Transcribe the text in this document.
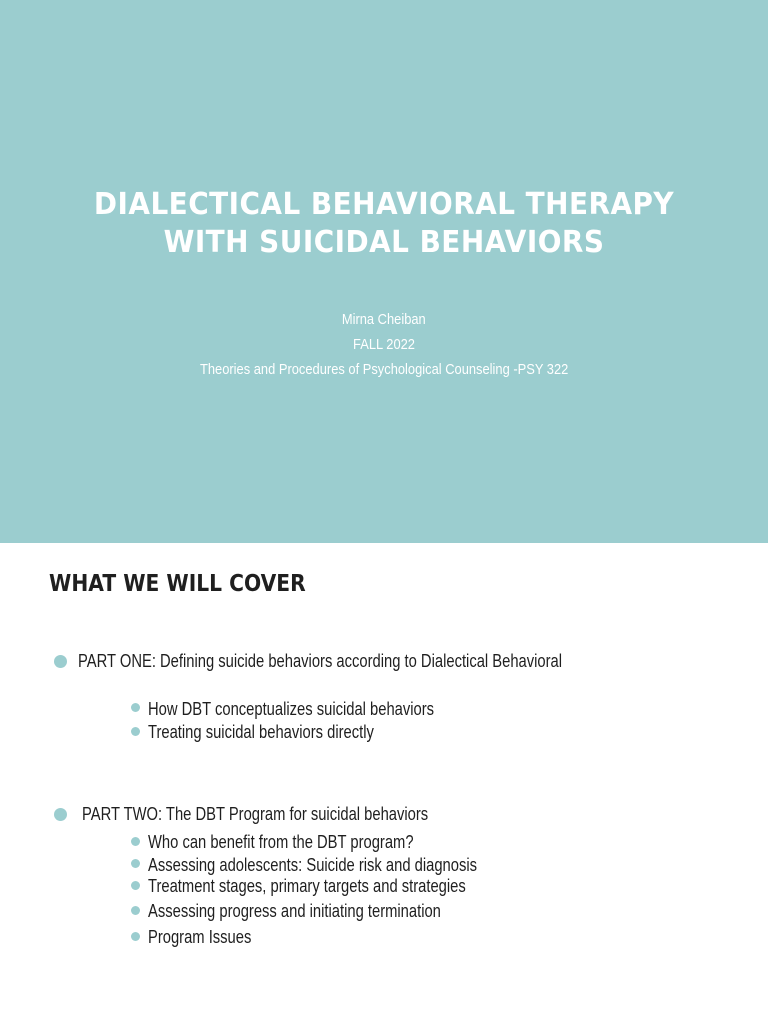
DIALECTICAL BEHAVIORAL THERAPY
WITH SUICIDAL BEHAVIORS
Mirna Cheiban
FALL 2022
Theories and Procedures of Psychological Counseling -PSY 322
WHAT WE WILL COVER
PART ONE: Defining suicide behaviors according to Dialectical Behavioral
How DBT conceptualizes suicidal behaviors
Treating suicidal behaviors directly
PART TWO: The DBT Program for suicidal behaviors
Who can benefit from the DBT program?
Assessing adolescents: Suicide risk and diagnosis
Treatment stages, primary targets and strategies
Assessing progress and initiating termination
Program Issues
